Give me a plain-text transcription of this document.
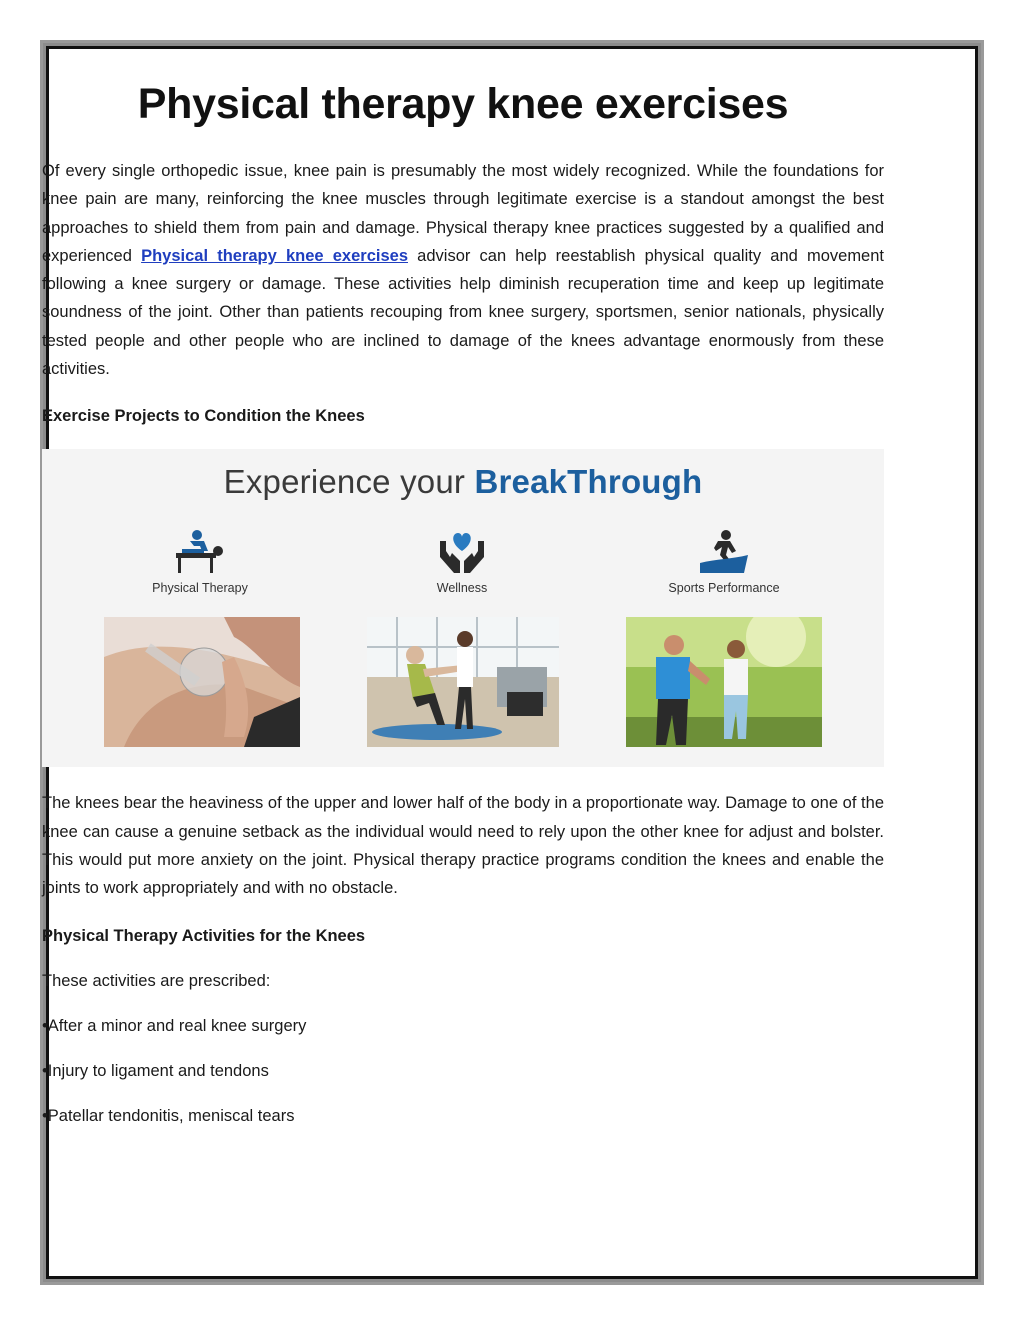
Physical therapy knee exercises

Of every single orthopedic issue, knee pain is presumably the most widely recognized. While the foundations for knee pain are many, reinforcing the knee muscles through legitimate exercise is a standout amongst the best approaches to shield them from pain and damage. Physical therapy knee practices suggested by a qualified and experienced Physical therapy knee exercises advisor can help reestablish physical quality and movement following a knee surgery or damage. These activities help diminish recuperation time and keep up legitimate soundness of the joint. Other than patients recouping from knee surgery, sportsmen, senior nationals, physically tested people and other people who are inclined to damage of the knees advantage enormously from these activities.

Exercise Projects to Condition the Knees
Experience your BreakThrough
Physical Therapy	Wellness	Sports Performance

The knees bear the heaviness of the upper and lower half of the body in a proportionate way. Damage to one of the knee can cause a genuine setback as the individual would need to rely upon the other knee for adjust and bolster. This would put more anxiety on the joint. Physical therapy practice programs condition the knees and enable the joints to work appropriately and with no obstacle.

Physical Therapy Activities for the Knees

These activities are prescribed:

•After a minor and real knee surgery

•Injury to ligament and tendons

•Patellar tendonitis, meniscal tears
